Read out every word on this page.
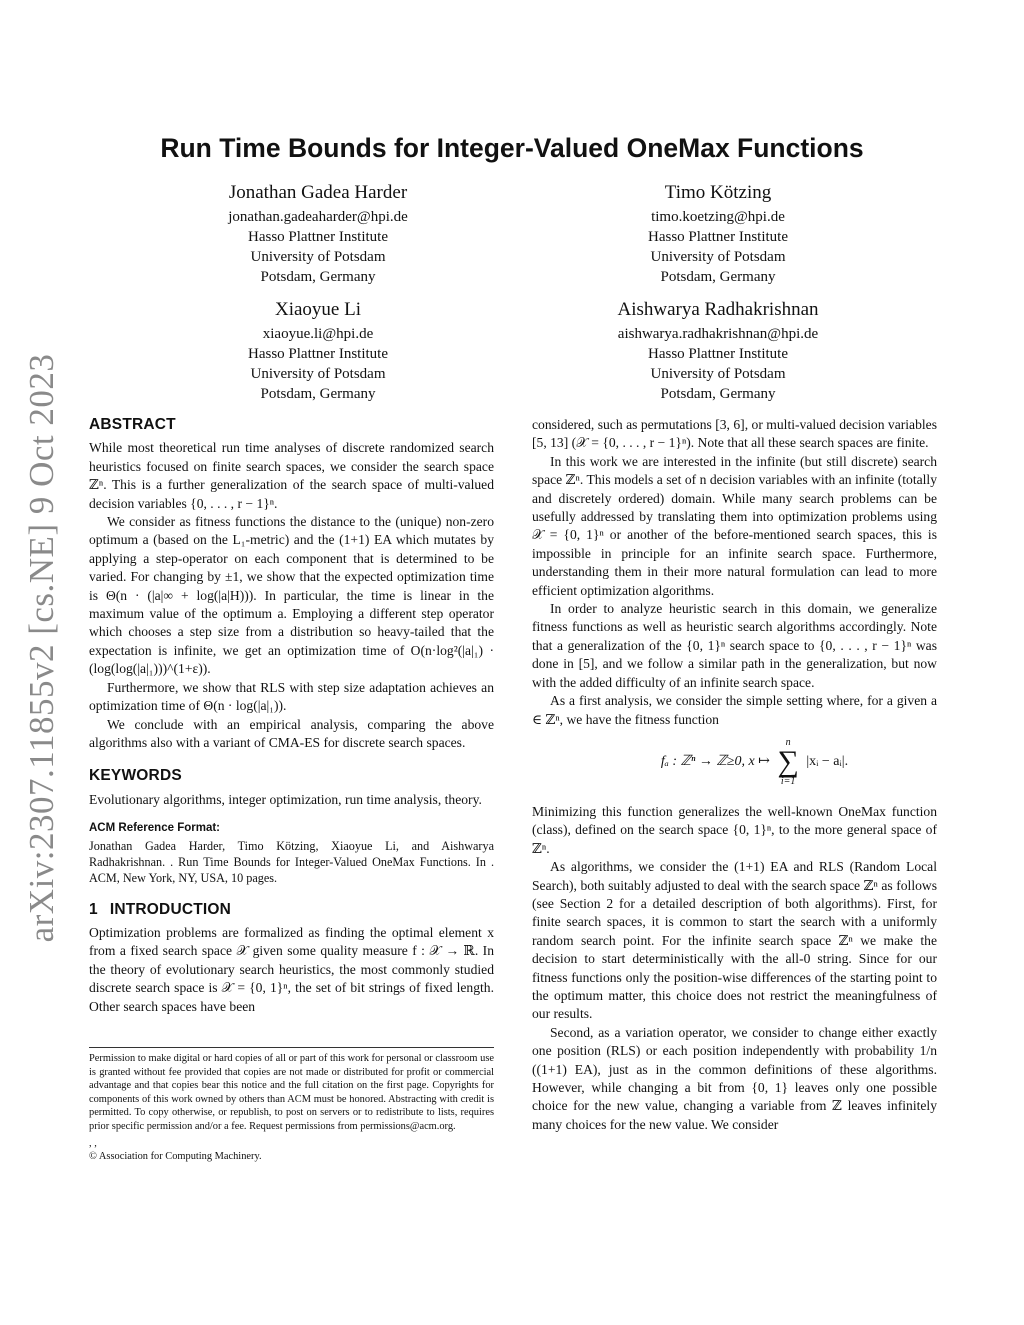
arXiv:2307.11855v2 [cs.NE] 9 Oct 2023
Run Time Bounds for Integer-Valued OneMax Functions
Jonathan Gadea Harder
jonathan.gadeaharder@hpi.de
Hasso Plattner Institute
University of Potsdam
Potsdam, Germany
Timo Kötzing
timo.koetzing@hpi.de
Hasso Plattner Institute
University of Potsdam
Potsdam, Germany
Xiaoyue Li
xiaoyue.li@hpi.de
Hasso Plattner Institute
University of Potsdam
Potsdam, Germany
Aishwarya Radhakrishnan
aishwarya.radhakrishnan@hpi.de
Hasso Plattner Institute
University of Potsdam
Potsdam, Germany
ABSTRACT

While most theoretical run time analyses of discrete randomized search heuristics focused on finite search spaces, we consider the search space ℤⁿ. This is a further generalization of the search space of multi-valued decision variables {0, . . . , r − 1}ⁿ.

We consider as fitness functions the distance to the (unique) non-zero optimum a (based on the L₁-metric) and the (1+1) EA which mutates by applying a step-operator on each component that is determined to be varied. For changing by ±1, we show that the expected optimization time is Θ(n · (|a|∞ + log(|a|H))). In particular, the time is linear in the maximum value of the optimum a. Employing a different step operator which chooses a step size from a distribution so heavy-tailed that the expectation is infinite, we get an optimization time of O(n·log²(|a|₁) · (log(log(|a|₁)))^(1+ε)).

Furthermore, we show that RLS with step size adaptation achieves an optimization time of Θ(n · log(|a|₁)).

We conclude with an empirical analysis, comparing the above algorithms also with a variant of CMA-ES for discrete search spaces.

KEYWORDS

Evolutionary algorithms, integer optimization, run time analysis, theory.

ACM Reference Format:
Jonathan Gadea Harder, Timo Kötzing, Xiaoyue Li, and Aishwarya Radhakrishnan. . Run Time Bounds for Integer-Valued OneMax Functions. In . ACM, New York, NY, USA, 10 pages.
1 INTRODUCTION

Optimization problems are formalized as finding the optimal element x from a fixed search space 𝒳 given some quality measure f : 𝒳 → ℝ. In the theory of evolutionary search heuristics, the most commonly studied discrete search space is 𝒳 = {0, 1}ⁿ, the set of bit strings of fixed length. Other search spaces have been

Permission to make digital or hard copies of all or part of this work for personal or classroom use is granted without fee provided that copies are not made or distributed for profit or commercial advantage and that copies bear this notice and the full citation on the first page. Copyrights for components of this work owned by others than ACM must be honored. Abstracting with credit is permitted. To copy otherwise, or republish, to post on servers or to redistribute to lists, requires prior specific permission and/or a fee. Request permissions from permissions@acm.org.

, ,
© Association for Computing Machinery.

considered, such as permutations [3, 6], or multi-valued decision variables [5, 13] (𝒳 = {0, . . . , r − 1}ⁿ). Note that all these search spaces are finite.

In this work we are interested in the infinite (but still discrete) search space ℤⁿ. This models a set of n decision variables with an infinite (totally and discretely ordered) domain. While many search problems can be usefully addressed by translating them into optimization problems using 𝒳 = {0, 1}ⁿ or another of the before-mentioned search spaces, this is impossible in principle for an infinite search space. Furthermore, understanding them in their more natural formulation can lead to more efficient optimization algorithms.

In order to analyze heuristic search in this domain, we generalize fitness functions as well as heuristic search algorithms accordingly. Note that a generalization of the {0, 1}ⁿ search space to {0, . . . , r − 1}ⁿ was done in [5], and we follow a similar path in the generalization, but now with the added difficulty of an infinite search space.

As a first analysis, we consider the simple setting where, for a given a ∈ ℤⁿ, we have the fitness function

fₐ : ℤⁿ → ℤ≥0, x ↦
n
∑
i=1
|xᵢ − aᵢ|.

Minimizing this function generalizes the well-known OneMax function (class), defined on the search space {0, 1}ⁿ, to the more general space of ℤⁿ.

As algorithms, we consider the (1+1) EA and RLS (Random Local Search), both suitably adjusted to deal with the search space ℤⁿ as follows (see Section 2 for a detailed description of both algorithms). First, for finite search spaces, it is common to start the search with a uniformly random search point. For the infinite search space ℤⁿ we make the decision to start deterministically with the all-0 string. Since for our fitness functions only the position-wise differences of the starting point to the optimum matter, this choice does not restrict the meaningfulness of our results.

Second, as a variation operator, we consider to change either exactly one position (RLS) or each position independently with probability 1/n ((1+1) EA), just as in the common definitions of these algorithms. However, while changing a bit from {0, 1} leaves only one possible choice for the new value, changing a variable from ℤ leaves infinitely many choices for the new value. We consider
